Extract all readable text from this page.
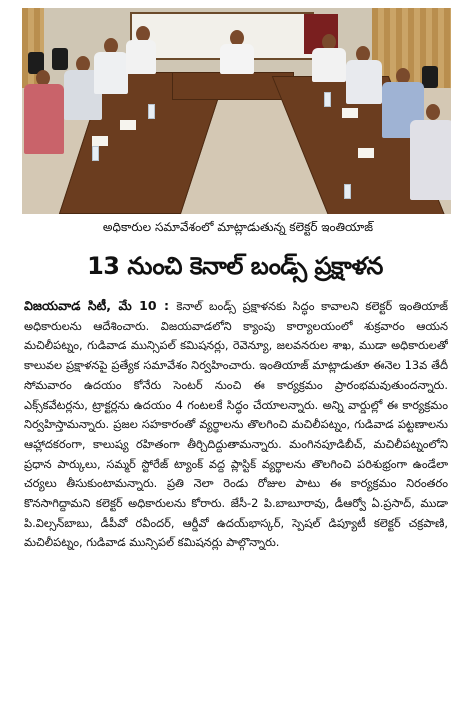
అధికారుల సమావేశంలో మాట్లాడుతున్న కలెక్టర్ ఇంతియాజ్
13 నుంచి కెనాల్ బండ్స్ ప్రక్షాళన
విజయవాడ సిటీ, మే 10 : కెనాల్ బండ్స్ ప్రక్షాళనకు సిద్ధం కావాలని కలెక్టర్ ఇంతియాజ్ అధికారులను ఆదేశించారు. విజయవాడలోని క్యాంపు కార్యాలయంలో శుక్రవారం ఆయన మచిలీపట్నం, గుడివాడ మున్సిపల్ కమిషనర్లు, రెవెన్యూ, జలవనరుల శాఖ, ముడా అధికారులతో కాలువల ప్రక్షాళనపై ప్రత్యేక సమావేశం నిర్వహించారు. ఇంతియాజ్ మాట్లాడుతూ ఈనెల 13వ తేదీ సోమవారం ఉదయం కోనేరు సెంటర్ నుంచి ఈ కార్యక్రమం ప్రారంభమవుతుందన్నారు. ఎక్స్‌కవేటర్లను, ట్రాక్టర్లను ఉదయం 4 గంటలకే సిద్ధం చేయాలన్నారు. అన్ని వార్డుల్లో ఈ కార్యక్రమం నిర్వహిస్తామన్నారు. ప్రజల సహకారంతో వ్యర్థాలను తొలగించి మచిలీపట్నం, గుడివాడ పట్టణాలను ఆహ్లాదకరంగా, కాలుష్య రహితంగా తీర్చిదిద్దుతామన్నారు. మంగినపూడిబీచ్, మచిలీపట్నంలోని ప్రధాన పార్కులు, సమ్మర్ స్టోరేజ్ ట్యాంక్ వద్ద ప్లాస్టిక్ వ్యర్థాలను తొలగించి పరిశుభ్రంగా ఉండేలా చర్యలు తీసుకుంటామన్నారు. ప్రతి నెలా రెండు రోజుల పాటు ఈ కార్యక్రమం నిరంతరం కొనసాగిద్దామని కలెక్టర్ అధికారులను కోరారు. జేసీ-2 పి.బాబూరావు, డీఆర్వో ఏ.ప్రసాద్, ముడా పి.విల్సన్‌బాబు, డీపీవో రవీందర్, ఆర్డీవో ఉదయ్‌భాస్కర్, స్పెషల్ డిప్యూటీ కలెక్టర్ చక్రపాణి, మచిలీపట్నం, గుడివాడ మున్సిపల్ కమిషనర్లు పాల్గొన్నారు.
